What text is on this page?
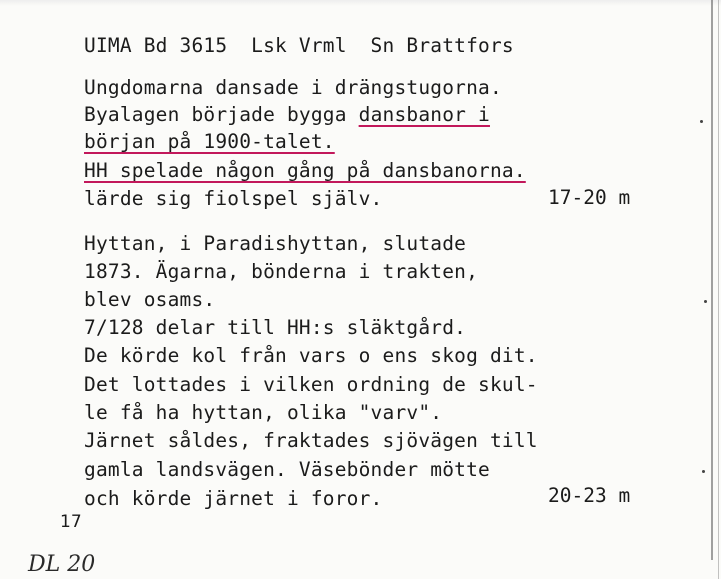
UIMA Bd 3615  Lsk Vrml  Sn Brattfors
Ungdomarna dansade i drängstugorna.
Byalagen började bygga dansbanor i
början på 1900-talet.
HH spelade någon gång på dansbanorna.
lärde sig fiolspel själv.	17-20 m
Hyttan, i Paradishyttan, slutade
1873. Ägarna, bönderna i trakten,
blev osams.
7/128 delar till HH:s släktgård.
De körde kol från vars o ens skog dit.
Det lottades i vilken ordning de skul-
le få ha hyttan, olika "varv".
Järnet såldes, fraktades sjövägen till
gamla landsvägen. Väsebönder mötte
och körde järnet i foror.	20-23 m
17
DL 20
